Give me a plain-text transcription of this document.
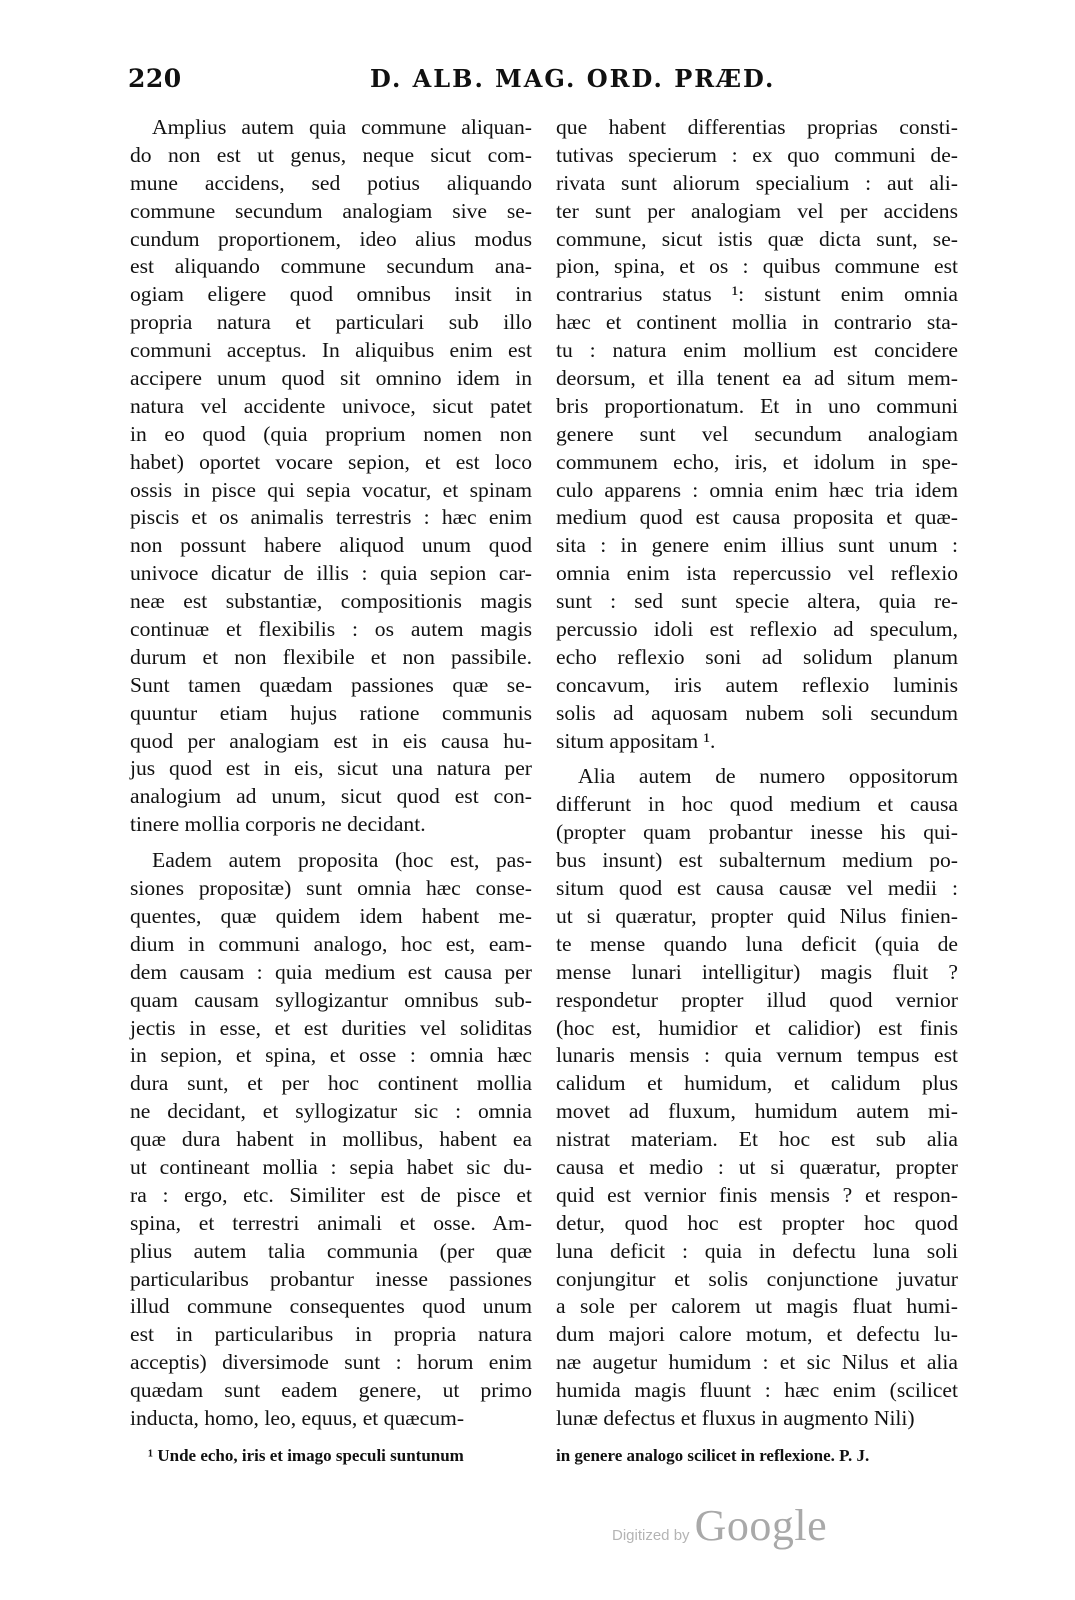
220	D. ALB. MAG. ORD. PRÆD.
Amplius autem quia commune aliquan-
do non est ut genus, neque sicut com-
mune accidens, sed potius aliquando
commune secundum analogiam sive se-
cundum proportionem, ideo alius modus
est aliquando commune secundum ana-
ogiam eligere quod omnibus insit in
propria natura et particulari sub illo
communi acceptus. In aliquibus enim est
accipere unum quod sit omnino idem in
natura vel accidente univoce, sicut patet
in eo quod (quia proprium nomen non
habet) oportet vocare sepion, et est loco
ossis in pisce qui sepia vocatur, et spinam
piscis et os animalis terrestris : hæc enim
non possunt habere aliquod unum quod
univoce dicatur de illis : quia sepion car-
neæ est substantiæ, compositionis magis
continuæ et flexibilis : os autem magis
durum et non flexibile et non passibile.
Sunt tamen quædam passiones quæ se-
quuntur etiam hujus ratione communis
quod per analogiam est in eis causa hu-
jus quod est in eis, sicut una natura per
analogium ad unum, sicut quod est con-
tinere mollia corporis ne decidant.
Eadem autem proposita (hoc est, pas-
siones propositæ) sunt omnia hæc conse-
quentes, quæ quidem idem habent me-
dium in communi analogo, hoc est, eam-
dem causam : quia medium est causa per
quam causam syllogizantur omnibus sub-
jectis in esse, et est durities vel soliditas
in sepion, et spina, et osse : omnia hæc
dura sunt, et per hoc continent mollia
ne decidant, et syllogizatur sic : omnia
quæ dura habent in mollibus, habent ea
ut contineant mollia : sepia habet sic du-
ra : ergo, etc. Similiter est de pisce et
spina, et terrestri animali et osse. Am-
plius autem talia communia (per quæ
particularibus probantur inesse passiones
illud commune consequentes quod unum
est in particularibus in propria natura
acceptis) diversimode sunt : horum enim
quædam sunt eadem genere, ut primo
inducta, homo, leo, equus, et quæcum-
que habent differentias proprias consti-
tutivas specierum : ex quo communi de-
rivata sunt aliorum specialium : aut ali-
ter sunt per analogiam vel per accidens
commune, sicut istis quæ dicta sunt, se-
pion, spina, et os : quibus commune est
contrarius status ¹: sistunt enim omnia
hæc et continent mollia in contrario sta-
tu : natura enim mollium est concidere
deorsum, et illa tenent ea ad situm mem-
bris proportionatum. Et in uno communi
genere sunt vel secundum analogiam
communem echo, iris, et idolum in spe-
culo apparens : omnia enim hæc tria idem
medium quod est causa proposita et quæ-
sita : in genere enim illius sunt unum :
omnia enim ista repercussio vel reflexio
sunt : sed sunt specie altera, quia re-
percussio idoli est reflexio ad speculum,
echo reflexio soni ad solidum planum
concavum, iris autem reflexio luminis
solis ad aquosam nubem soli secundum
situm appositam ¹.
Alia autem de numero oppositorum
differunt in hoc quod medium et causa
(propter quam probantur inesse his qui-
bus insunt) est subalternum medium po-
situm quod est causa causæ vel medii :
ut si quæratur, propter quid Nilus finien-
te mense quando luna deficit (quia de
mense lunari intelligitur) magis fluit ?
respondetur propter illud quod vernior
(hoc est, humidior et calidior) est finis
lunaris mensis : quia vernum tempus est
calidum et humidum, et calidum plus
movet ad fluxum, humidum autem mi-
nistrat materiam. Et hoc est sub alia
causa et medio : ut si quæratur, propter
quid est vernior finis mensis ? et respon-
detur, quod hoc est propter hoc quod
luna deficit : quia in defectu luna soli
conjungitur et solis conjunctione juvatur
a sole per calorem ut magis fluat humi-
dum majori calore motum, et defectu lu-
næ augetur humidum : et sic Nilus et alia
humida magis fluunt : hæc enim (scilicet
lunæ defectus et fluxus in augmento Nili)
¹ Unde echo, iris et imago speculi suntunum	in genere analogo scilicet in reflexione. P. J.
Digitized by Google
